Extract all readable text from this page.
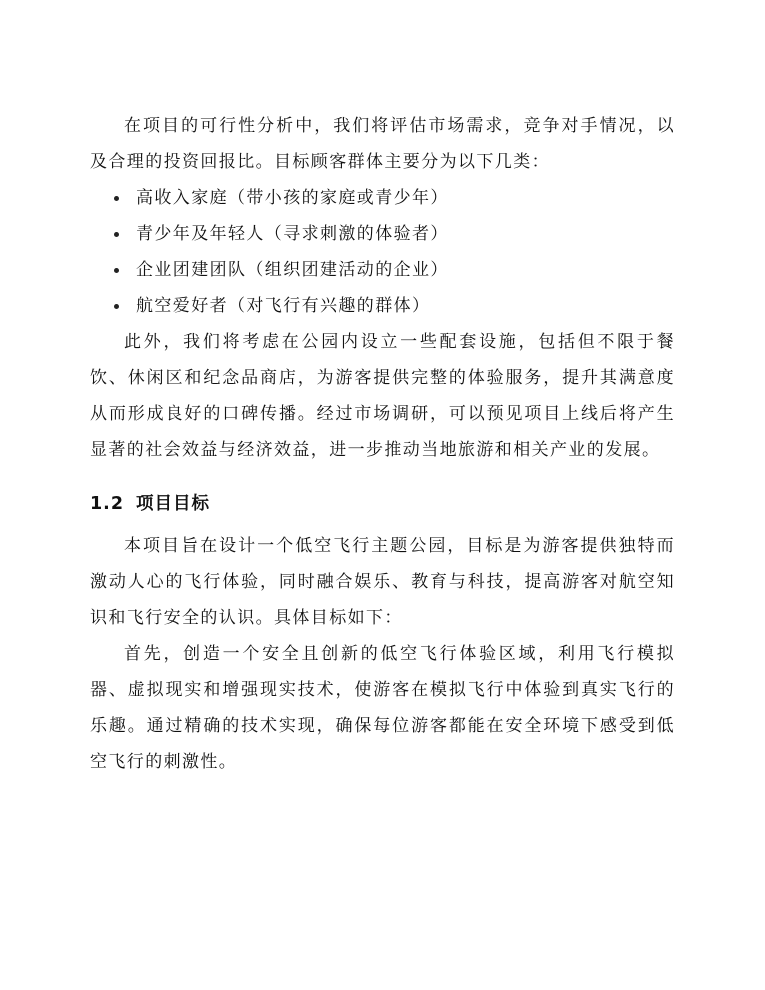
在项目的可行性分析中，我们将评估市场需求，竞争对手情况，以及合理的投资回报比。目标顾客群体主要分为以下几类：

高收入家庭（带小孩的家庭或青少年）
青少年及年轻人（寻求刺激的体验者）
企业团建团队（组织团建活动的企业）
航空爱好者（对飞行有兴趣的群体）

此外，我们将考虑在公园内设立一些配套设施，包括但不限于餐饮、休闲区和纪念品商店，为游客提供完整的体验服务，提升其满意度从而形成良好的口碑传播。经过市场调研，可以预见项目上线后将产生显著的社会效益与经济效益，进一步推动当地旅游和相关产业的发展。

1.2 项目目标

本项目旨在设计一个低空飞行主题公园，目标是为游客提供独特而激动人心的飞行体验，同时融合娱乐、教育与科技，提高游客对航空知识和飞行安全的认识。具体目标如下：

首先，创造一个安全且创新的低空飞行体验区域，利用飞行模拟器、虚拟现实和增强现实技术，使游客在模拟飞行中体验到真实飞行的乐趣。通过精确的技术实现，确保每位游客都能在安全环境下感受到低空飞行的刺激性。
